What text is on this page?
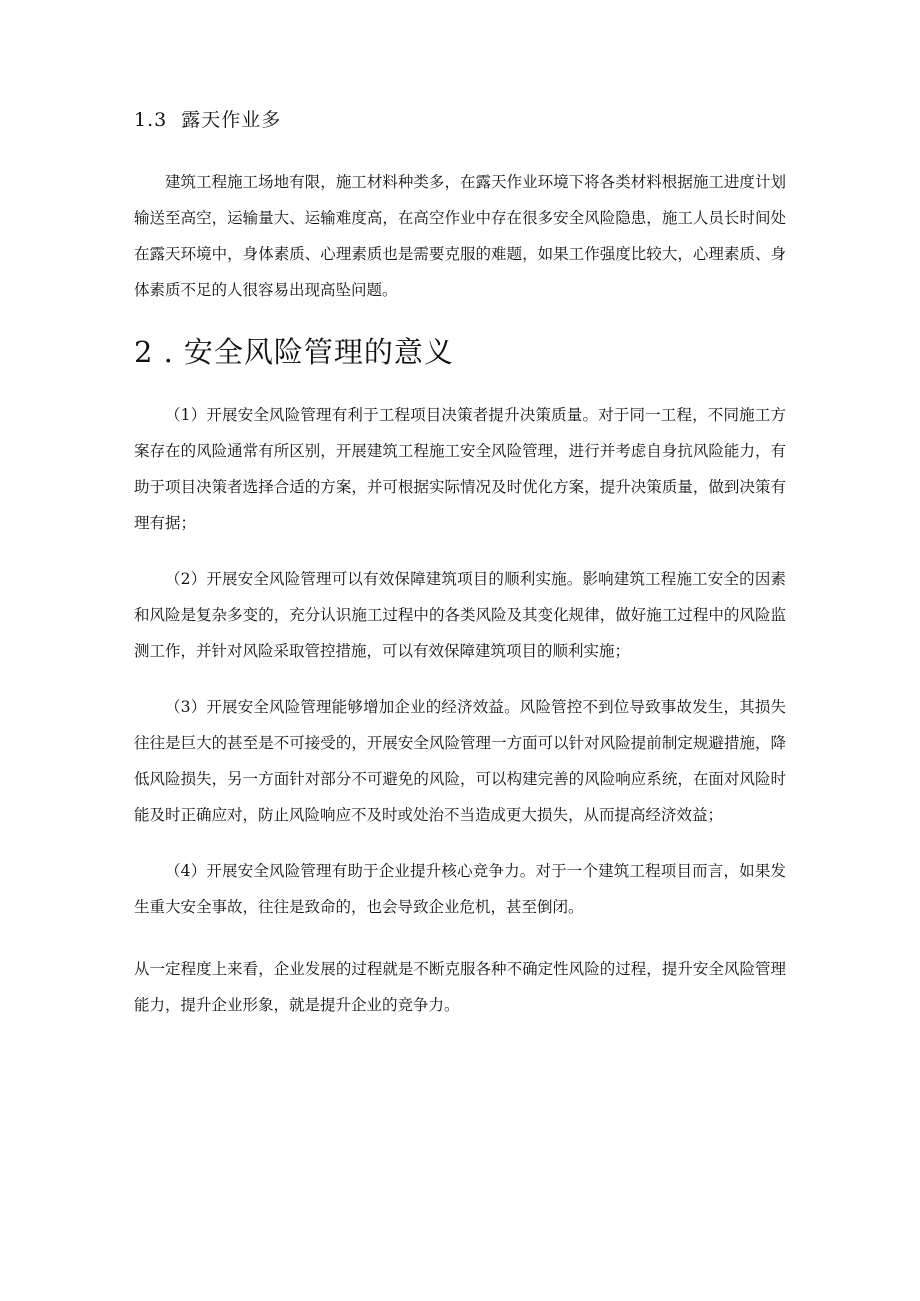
1.3 露天作业多

建筑工程施工场地有限，施工材料种类多，在露天作业环境下将各类材料根据施工进度计划输送至高空，运输量大、运输难度高，在高空作业中存在很多安全风险隐患，施工人员长时间处在露天环境中，身体素质、心理素质也是需要克服的难题，如果工作强度比较大，心理素质、身体素质不足的人很容易出现高坠问题。

2 . 安全风险管理的意义

（1）开展安全风险管理有利于工程项目决策者提升决策质量。对于同一工程，不同施工方案存在的风险通常有所区别，开展建筑工程施工安全风险管理，进行并考虑自身抗风险能力，有助于项目决策者选择合适的方案，并可根据实际情况及时优化方案，提升决策质量，做到决策有理有据；

（2）开展安全风险管理可以有效保障建筑项目的顺利实施。影响建筑工程施工安全的因素和风险是复杂多变的，充分认识施工过程中的各类风险及其变化规律，做好施工过程中的风险监测工作，并针对风险采取管控措施，可以有效保障建筑项目的顺利实施；

（3）开展安全风险管理能够增加企业的经济效益。风险管控不到位导致事故发生，其损失往往是巨大的甚至是不可接受的，开展安全风险管理一方面可以针对风险提前制定规避措施，降低风险损失，另一方面针对部分不可避免的风险，可以构建完善的风险响应系统，在面对风险时能及时正确应对，防止风险响应不及时或处治不当造成更大损失，从而提高经济效益；

（4）开展安全风险管理有助于企业提升核心竞争力。对于一个建筑工程项目而言，如果发生重大安全事故，往往是致命的，也会导致企业危机，甚至倒闭。

从一定程度上来看，企业发展的过程就是不断克服各种不确定性风险的过程，提升安全风险管理能力，提升企业形象，就是提升企业的竞争力。
